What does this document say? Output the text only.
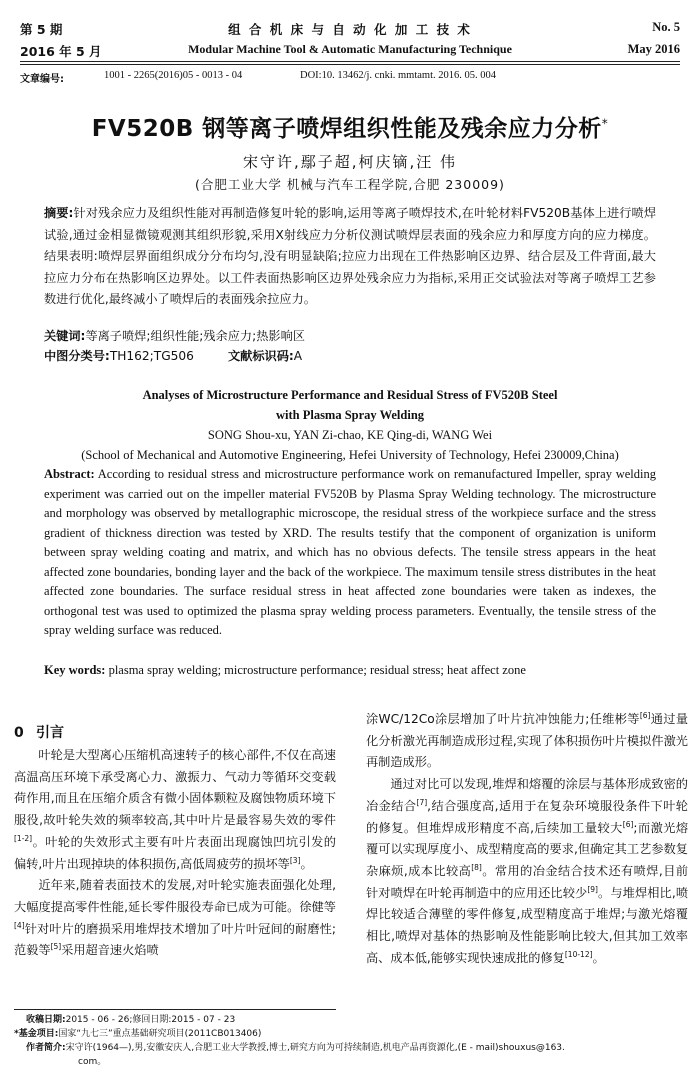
第 5 期
2016 年 5 月
组 合 机 床 与 自 动 化 加 工 技 术
Modular Machine Tool & Automatic Manufacturing Technique
No. 5
May 2016
文章编号:	1001 - 2265(2016)05 - 0013 - 04	DOI:10. 13462/j. cnki. mmtamt. 2016. 05. 004
FV520B 钢等离子喷焊组织性能及残余应力分析*
宋守许,鄢子超,柯庆镝,汪 伟
(合肥工业大学 机械与汽车工程学院,合肥 230009)
摘要:针对残余应力及组织性能对再制造修复叶轮的影响,运用等离子喷焊技术,在叶轮材料FV520B基体上进行喷焊试验,通过金相显微镜观测其组织形貌,采用X射线应力分析仪测试喷焊层表面的残余应力和厚度方向的应力梯度。结果表明:喷焊层界面组织成分分布均匀,没有明显缺陷;拉应力出现在工件热影响区边界、结合层及工件背面,最大拉应力分布在热影响区边界处。以工件表面热影响区边界处残余应力为指标,采用正交试验法对等离子喷焊工艺参数进行优化,最终减小了喷焊后的表面残余拉应力。
关键词:等离子喷焊;组织性能;残余应力;热影响区
中图分类号:TH162;TG506	文献标识码:A
Analyses of Microstructure Performance and Residual Stress of FV520B Steel
with Plasma Spray Welding
SONG Shou-xu, YAN Zi-chao, KE Qing-di, WANG Wei
(School of Mechanical and Automotive Engineering, Hefei University of Technology, Hefei 230009,China)
Abstract: According to residual stress and microstructure performance work on remanufactured Impeller, spray welding experiment was carried out on the impeller material FV520B by Plasma Spray Welding technology. The microstructure and morphology was observed by metallographic microscope, the residual stress of the workpiece surface and the stress gradient of thickness direction was tested by XRD. The results testify that the component of organization is uniform between spray welding coating and matrix, and which has no obvious defects. The tensile stress appears in the heat affected zone boundaries, bonding layer and the back of the workpiece. The maximum tensile stress distributes in the heat affected zone boundaries. The surface residual stress in heat affected zone boundaries were taken as indexes, the orthogonal test was used to optimized the plasma spray welding process parameters. Eventually, the tensile stress of the spray welding surface was reduced.
Key words: plasma spray welding; microstructure performance; residual stress; heat affect zone
0 引言

叶轮是大型离心压缩机高速转子的核心部件,不仅在高速高温高压环境下承受离心力、激振力、气动力等循环交变载荷作用,而且在压缩介质含有微小固体颗粒及腐蚀物质环境下服役,故叶轮失效的频率较高,其中叶片是最容易失效的零件[1-2]。叶轮的失效形式主要有叶片表面出现腐蚀凹坑引发的偏转,叶片出现掉块的体积损伤,高低周疲劳的损坏等[3]。

近年来,随着表面技术的发展,对叶轮实施表面强化处理,大幅度提高零件性能,延长零件服役寿命已成为可能。徐健等[4]针对叶片的磨损采用堆焊技术增加了叶片叶冠间的耐磨性;范毅等[5]采用超音速火焰喷

涂WC/12Co涂层增加了叶片抗冲蚀能力;任维彬等[6]通过量化分析激光再制造成形过程,实现了体积损伤叶片模拟件激光再制造成形。

通过对比可以发现,堆焊和熔覆的涂层与基体形成致密的冶金结合[7],结合强度高,适用于在复杂环境服役条件下叶轮的修复。但堆焊成形精度不高,后续加工量较大[6];而激光熔覆可以实现厚度小、成型精度高的要求,但确定其工艺参数复杂麻烦,成本比较高[8]。常用的冶金结合技术还有喷焊,目前针对喷焊在叶轮再制造中的应用还比较少[9]。与堆焊相比,喷焊比较适合薄壁的零件修复,成型精度高于堆焊;与激光熔覆相比,喷焊对基体的热影响及性能影响比较大,但其加工效率高、成本低,能够实现快速成批的修复[10-12]。

收稿日期:2015 - 06 - 26;修回日期:2015 - 07 - 23
*基金项目:国家“九七三”重点基础研究项目(2011CB013406)
作者简介:宋守许(1964—),男,安徽安庆人,合肥工业大学教授,博士,研究方向为可持续制造,机电产品再资源化,(E - mail)shouxus@163.
com。
